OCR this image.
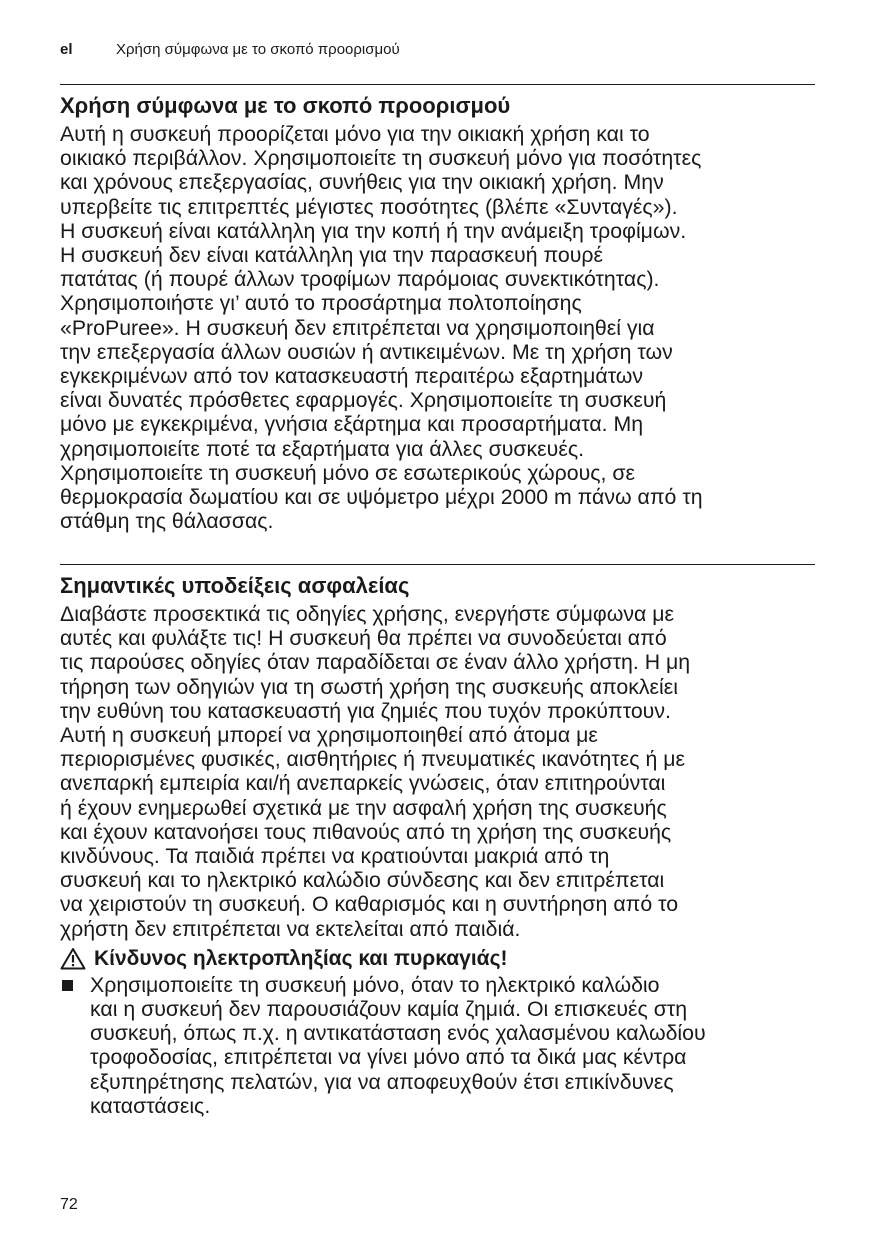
el	Χρήση σύμφωνα με το σκοπό προορισμού
Χρήση σύμφωνα με το σκοπό προορισμού
Αυτή η συσκευή προορίζεται μόνο για την οικιακή χρήση και το
οικιακό περιβάλλον. Χρησιμοποιείτε τη συσκευή μόνο για ποσότητες
και χρόνους επεξεργασίας, συνήθεις για την οικιακή χρήση. Μην
υπερβείτε τις επιτρεπτές μέγιστες ποσότητες (βλέπε «Συνταγές»).
Η συσκευή είναι κατάλληλη για την κοπή ή την ανάμειξη τροφίμων.
Η συσκευή δεν είναι κατάλληλη για την παρασκευή πουρέ
πατάτας (ή πουρέ άλλων τροφίμων παρόμοιας συνεκτικότητας).
Χρησιμοποιήστε γι’ αυτό το προσάρτημα πολτοποίησης
«ProPuree». Η συσκευή δεν επιτρέπεται να χρησιμοποιηθεί για
την επεξεργασία άλλων ουσιών ή αντικειμένων. Με τη χρήση των
εγκεκριμένων από τον κατασκευαστή περαιτέρω εξαρτημάτων
είναι δυνατές πρόσθετες εφαρμογές. Χρησιμοποιείτε τη συσκευή
μόνο με εγκεκριμένα, γνήσια εξάρτημα και προσαρτήματα. Μη
χρησιμοποιείτε ποτέ τα εξαρτήματα για άλλες συσκευές.
Χρησιμοποιείτε τη συσκευή μόνο σε εσωτερικούς χώρους, σε
θερμοκρασία δωματίου και σε υψόμετρο μέχρι 2000 m πάνω από τη
στάθμη της θάλασσας.
Σημαντικές υποδείξεις ασφαλείας
Διαβάστε προσεκτικά τις οδηγίες χρήσης, ενεργήστε σύμφωνα με
αυτές και φυλάξτε τις! Η συσκευή θα πρέπει να συνοδεύεται από
τις παρούσες οδηγίες όταν παραδίδεται σε έναν άλλο χρήστη. Η μη
τήρηση των οδηγιών για τη σωστή χρήση της συσκευής αποκλείει
την ευθύνη του κατασκευαστή για ζημιές που τυχόν προκύπτουν.
Αυτή η συσκευή μπορεί να χρησιμοποιηθεί από άτομα με
περιορισμένες φυσικές, αισθητήριες ή πνευματικές ικανότητες ή με
ανεπαρκή εμπειρία και/ή ανεπαρκείς γνώσεις, όταν επιτηρούνται
ή έχουν ενημερωθεί σχετικά με την ασφαλή χρήση της συσκευής
και έχουν κατανοήσει τους πιθανούς από τη χρήση της συσκευής
κινδύνους. Τα παιδιά πρέπει να κρατιούνται μακριά από τη
συσκευή και το ηλεκτρικό καλώδιο σύνδεσης και δεν επιτρέπεται
να χειριστούν τη συσκευή. Ο καθαρισμός και η συντήρηση από το
χρήστη δεν επιτρέπεται να εκτελείται από παιδιά.
Κίνδυνος ηλεκτροπληξίας και πυρκαγιάς!
Χρησιμοποιείτε τη συσκευή μόνο, όταν το ηλεκτρικό καλώδιο
και η συσκευή δεν παρουσιάζουν καμία ζημιά. Οι επισκευές στη
συσκευή, όπως π.χ. η αντικατάσταση ενός χαλασμένου καλωδίου
τροφοδοσίας, επιτρέπεται να γίνει μόνο από τα δικά μας κέντρα
εξυπηρέτησης πελατών, για να αποφευχθούν έτσι επικίνδυνες
καταστάσεις.
72
